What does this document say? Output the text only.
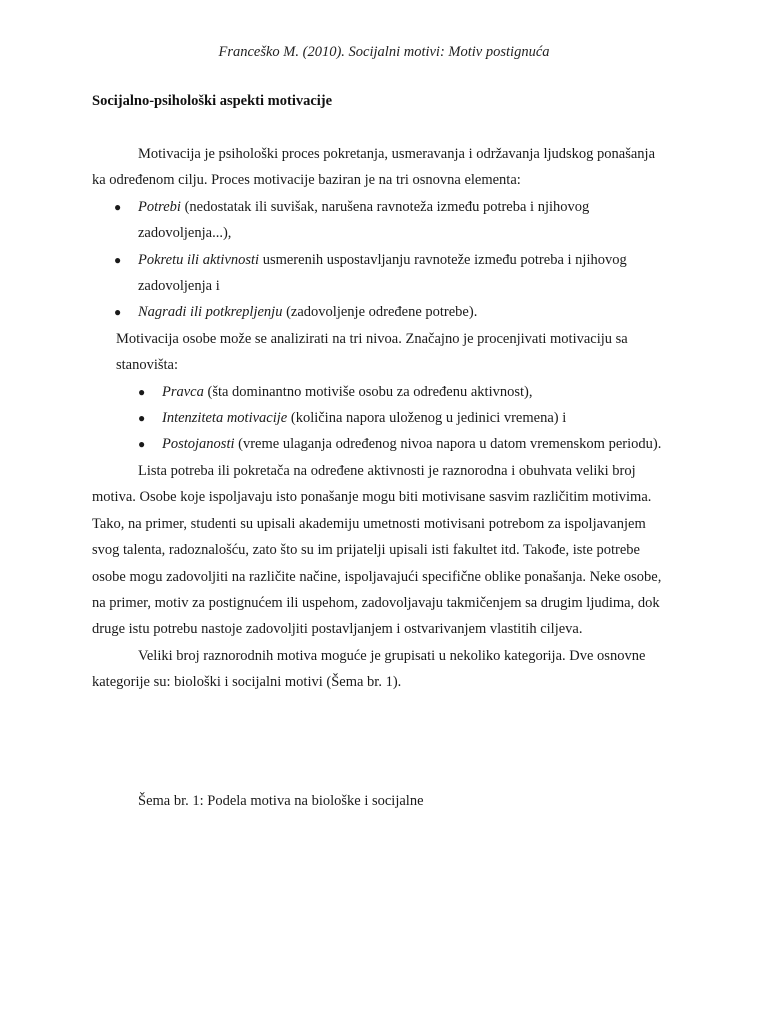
Franceško M. (2010). Socijalni motivi: Motiv postignuća
Socijalno-psihološki aspekti motivacije

Motivacija je psihološki proces pokretanja, usmeravanja i održavanja ljudskog ponašanja ka određenom cilju. Proces motivacije baziran je na tri osnovna elementa:

● Potrebi (nedostatak ili suvišak, narušena ravnoteža između potreba i njihovog zadovoljenja...),
● Pokretu ili aktivnosti usmerenih uspostavljanju ravnoteže između potreba i njihovog zadovoljenja i
● Nagradi ili potkrepljenju (zadovoljenje određene potrebe).

Motivacija osobe može se analizirati na tri nivoa. Značajno je procenjivati motivaciju sa stanovišta:

● Pravca (šta dominantno motiviše osobu za određenu aktivnost),
● Intenziteta motivacije (količina napora uloženog u jedinici vremena) i
● Postojanosti (vreme ulaganja određenog nivoa napora u datom vremenskom periodu).

Lista potreba ili pokretača na određene aktivnosti je raznorodna i obuhvata veliki broj motiva. Osobe koje ispoljavaju isto ponašanje mogu biti motivisane sasvim različitim motivima. Tako, na primer, studenti su upisali akademiju umetnosti motivisani potrebom za ispoljavanjem svog talenta, radoznalošću, zato što su im prijatelji upisali isti fakultet itd. Takođe, iste potrebe osobe mogu zadovoljiti na različite načine, ispoljavajući specifične oblike ponašanja. Neke osobe, na primer, motiv za postignućem ili uspehom, zadovoljavaju takmičenjem sa drugim ljudima, dok druge istu potrebu nastoje zadovoljiti postavljanjem i ostvarivanjem vlastitih ciljeva.

Veliki broj raznorodnih motiva moguće je grupisati u nekoliko kategorija. Dve osnovne kategorije su: biološki i socijalni motivi (Šema br. 1).

Šema br. 1: Podela motiva na biološke i socijalne
